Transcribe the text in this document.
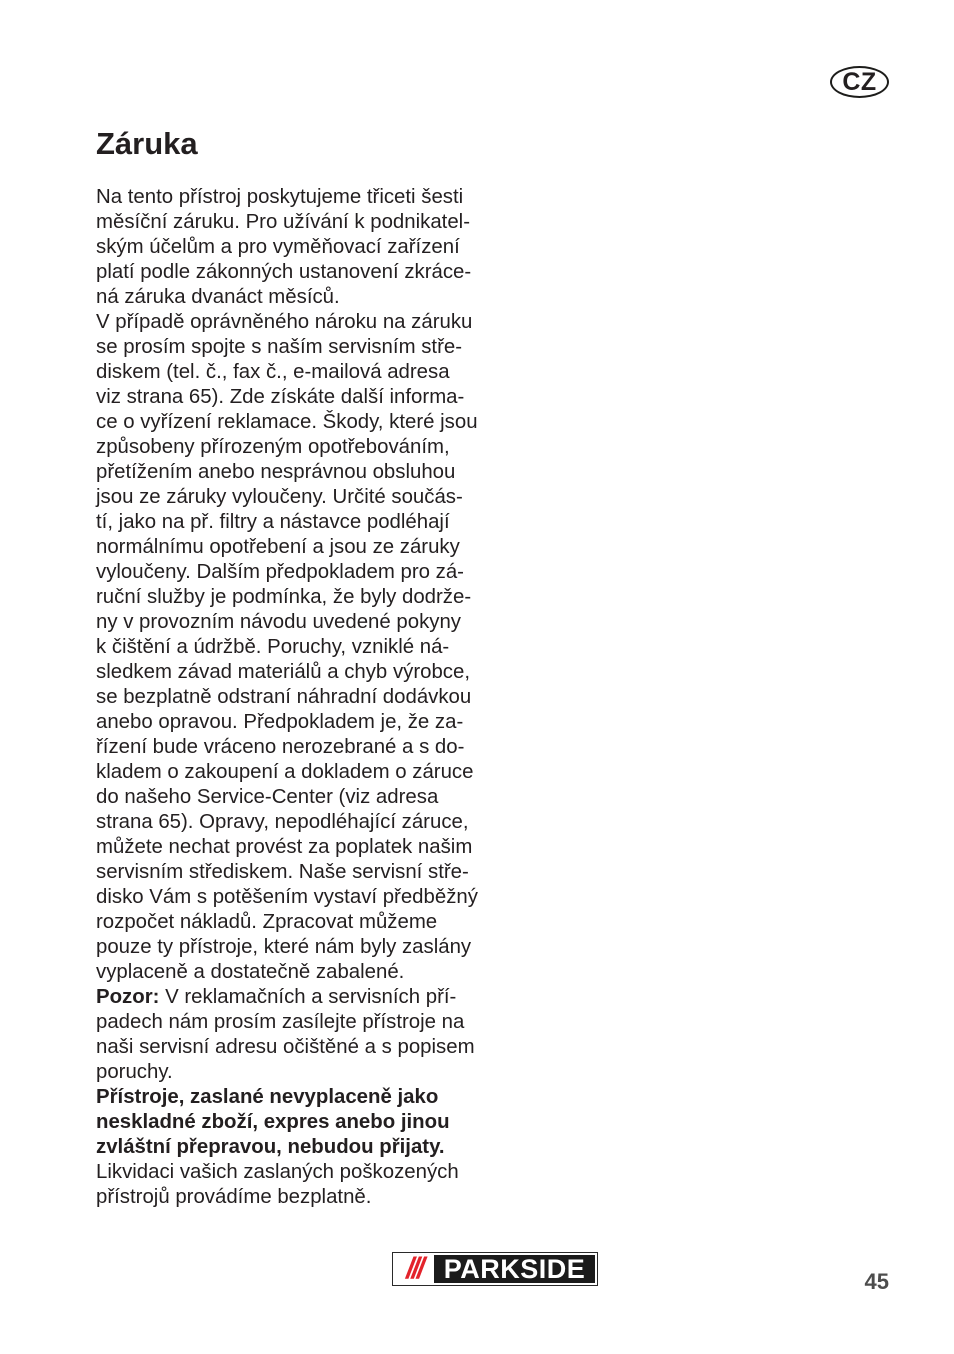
CZ
Záruka
Na tento přístroj poskytujeme třiceti šesti
měsíční záruku. Pro užívání k podnikatel-
ským účelům a pro vyměňovací zařízení
platí podle zákonných ustanovení zkráce-
ná záruka dvanáct měsíců.
V případě oprávněného nároku na záruku
se prosím spojte s naším servisním stře-
diskem (tel. č., fax č., e-mailová adresa
viz strana 65). Zde získáte další informa-
ce o vyřízení reklamace. Škody, které jsou
způsobeny přírozeným opotřebováním,
přetížením anebo nesprávnou obsluhou
jsou ze záruky vyloučeny. Určité součás-
tí, jako na př. filtry a nástavce podléhají
normálnímu opotřebení a jsou ze záruky
vyloučeny. Dalším předpokladem pro zá-
ruční služby je podmínka, že byly dodrže-
ny v provozním návodu uvedené pokyny
k čištění a údržbě. Poruchy, vzniklé ná-
sledkem závad materiálů a chyb výrobce,
se bezplatně odstraní náhradní dodávkou
anebo opravou. Předpokladem je, že za-
řízení bude vráceno nerozebrané a s do-
kladem o zakoupení a dokladem o záruce
do našeho Service-Center (viz adresa
strana 65). Opravy, nepodléhající záruce,
můžete nechat provést za poplatek našim
servisním střediskem. Naše servisní stře-
disko Vám s potěšením vystaví předběžný
rozpočet nákladů. Zpracovat můžeme
pouze ty přístroje, které nám byly zaslány
vyplaceně a dostatečně zabalené.
Pozor: V reklamačních a servisních pří-
padech nám prosím zasílejte přístroje na
naši servisní adresu očištěné a s popisem
poruchy.
Přístroje, zaslané nevyplaceně jako
neskladné zboží, expres anebo jinou
zvláštní přepravou, nebudou přijaty.
Likvidaci vašich zaslaných poškozených
přístrojů provádíme bezplatně.
/// PARKSIDE	45
